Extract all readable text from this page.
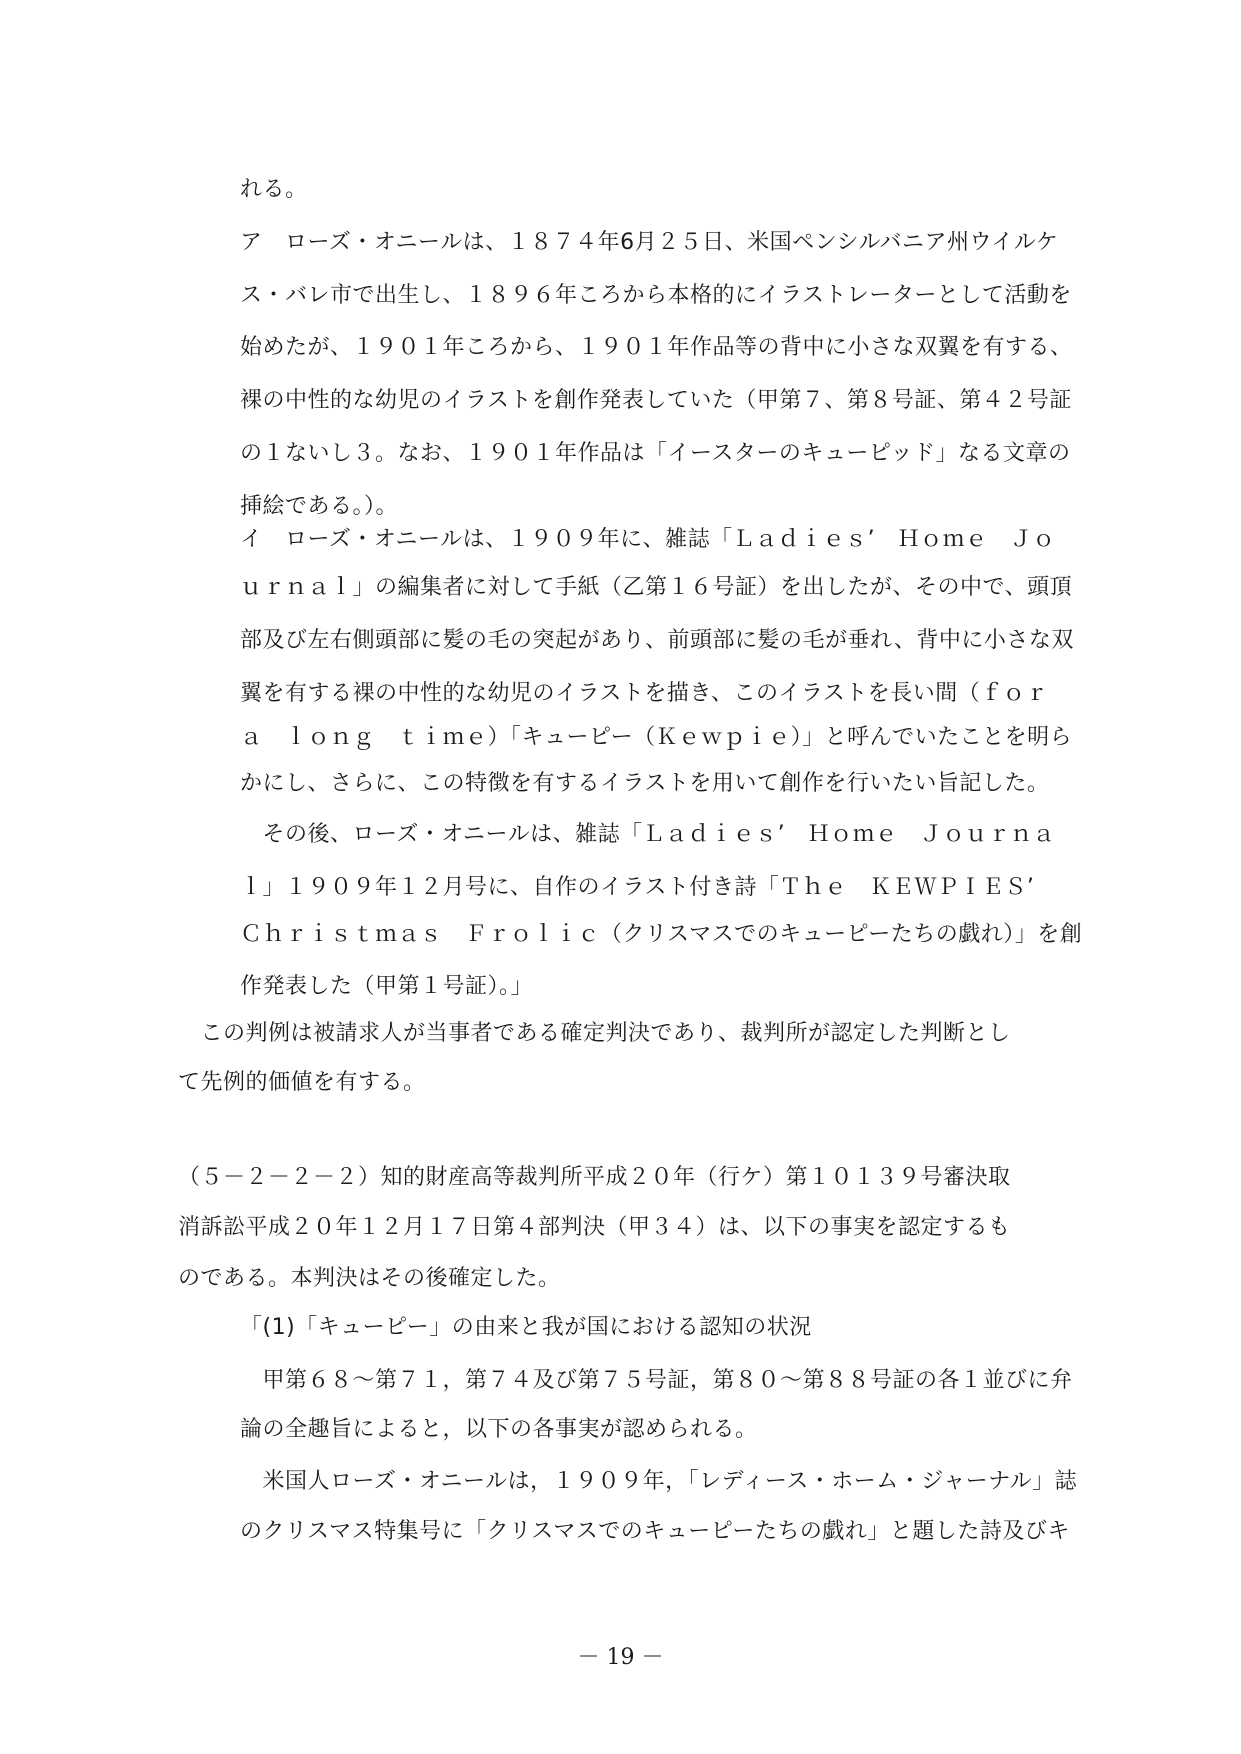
れる。
ア　ローズ・オニールは、１８７４年6月２５日、米国ペンシルバニア州ウイルケ
ス・バレ市で出生し、１８９６年ころから本格的にイラストレーターとして活動を
始めたが、１９０１年ころから、１９０１年作品等の背中に小さな双翼を有する、
裸の中性的な幼児のイラストを創作発表していた（甲第７、第８号証、第４２号証
の１ないし３。なお、１９０１年作品は「イースターのキューピッド」なる文章の
挿絵である。）。
イ　ローズ・オニールは、１９０９年に、雑誌「Ｌａｄｉｅｓ’　Ｈｏｍｅ　Ｊｏ
ｕｒｎａｌ」の編集者に対して手紙（乙第１６号証）を出したが、その中で、頭頂
部及び左右側頭部に髪の毛の突起があり、前頭部に髪の毛が垂れ、背中に小さな双
翼を有する裸の中性的な幼児のイラストを描き、このイラストを長い間（ｆｏｒ
ａ　ｌｏｎｇ　ｔｉｍｅ）「キューピー（Ｋｅｗｐｉｅ）」と呼んでいたことを明ら
かにし、さらに、この特徴を有するイラストを用いて創作を行いたい旨記した。
　その後、ローズ・オニールは、雑誌「Ｌａｄｉｅｓ’　Ｈｏｍｅ　Ｊｏｕｒｎａ
ｌ」１９０９年１２月号に、自作のイラスト付き詩「Ｔｈｅ　ＫＥＷＰＩＥＳ’
Ｃｈｒｉｓｔｍａｓ　Ｆｒｏｌｉｃ（クリスマスでのキューピーたちの戯れ）」を創
作発表した（甲第１号証）。」
　この判例は被請求人が当事者である確定判決であり、裁判所が認定した判断とし
て先例的価値を有する。
（５－２－２－２）知的財産高等裁判所平成２０年（行ケ）第１０１３９号審決取
消訴訟平成２０年１２月１７日第４部判決（甲３４）は、以下の事実を認定するも
のである。本判決はその後確定した。
「(1)「キューピー」の由来と我が国における認知の状況
　甲第６８～第７１，第７４及び第７５号証，第８０～第８８号証の各１並びに弁
論の全趣旨によると，以下の各事実が認められる。
　米国人ローズ・オニールは，１９０９年，「レディース・ホーム・ジャーナル」誌
のクリスマス特集号に「クリスマスでのキューピーたちの戯れ」と題した詩及びキ
－ 19 －
